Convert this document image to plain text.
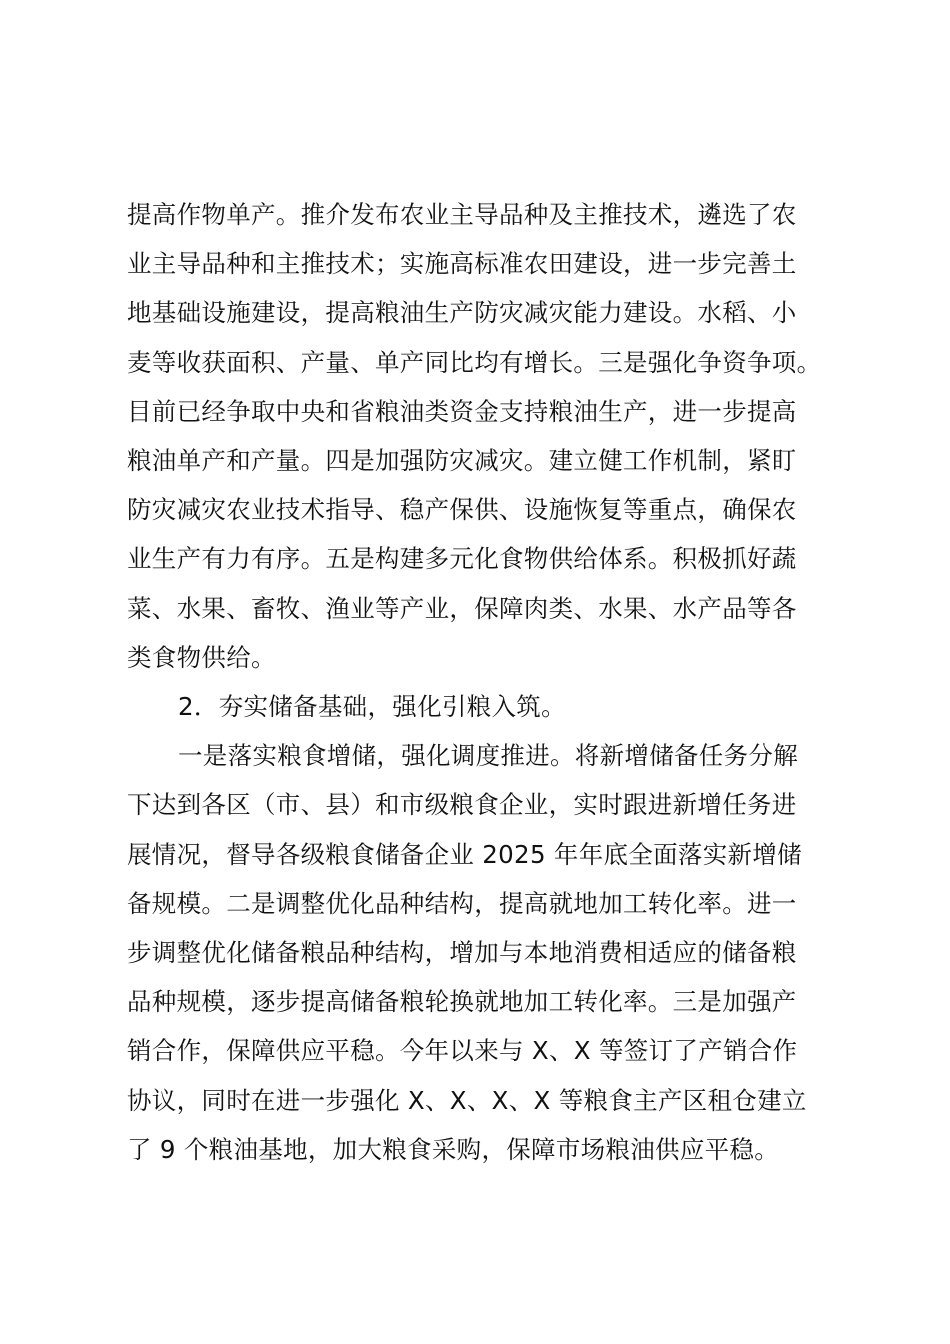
提高作物单产。推介发布农业主导品种及主推技术，遴选了农
业主导品种和主推技术；实施高标准农田建设，进一步完善土
地基础设施建设，提高粮油生产防灾减灾能力建设。水稻、小
麦等收获面积、产量、单产同比均有增长。三是强化争资争项。
目前已经争取中央和省粮油类资金支持粮油生产，进一步提高
粮油单产和产量。四是加强防灾减灾。建立健工作机制，紧盯
防灾减灾农业技术指导、稳产保供、设施恢复等重点，确保农
业生产有力有序。五是构建多元化食物供给体系。积极抓好蔬
菜、水果、畜牧、渔业等产业，保障肉类、水果、水产品等各
类食物供给。
2．夯实储备基础，强化引粮入筑。
一是落实粮食增储，强化调度推进。将新增储备任务分解
下达到各区（市、县）和市级粮食企业，实时跟进新增任务进
展情况，督导各级粮食储备企业 2025 年年底全面落实新增储
备规模。二是调整优化品种结构，提高就地加工转化率。进一
步调整优化储备粮品种结构，增加与本地消费相适应的储备粮
品种规模，逐步提高储备粮轮换就地加工转化率。三是加强产
销合作，保障供应平稳。今年以来与 X、X 等签订了产销合作
协议，同时在进一步强化 X、X、X、X 等粮食主产区租仓建立
了 9 个粮油基地，加大粮食采购，保障市场粮油供应平稳。
